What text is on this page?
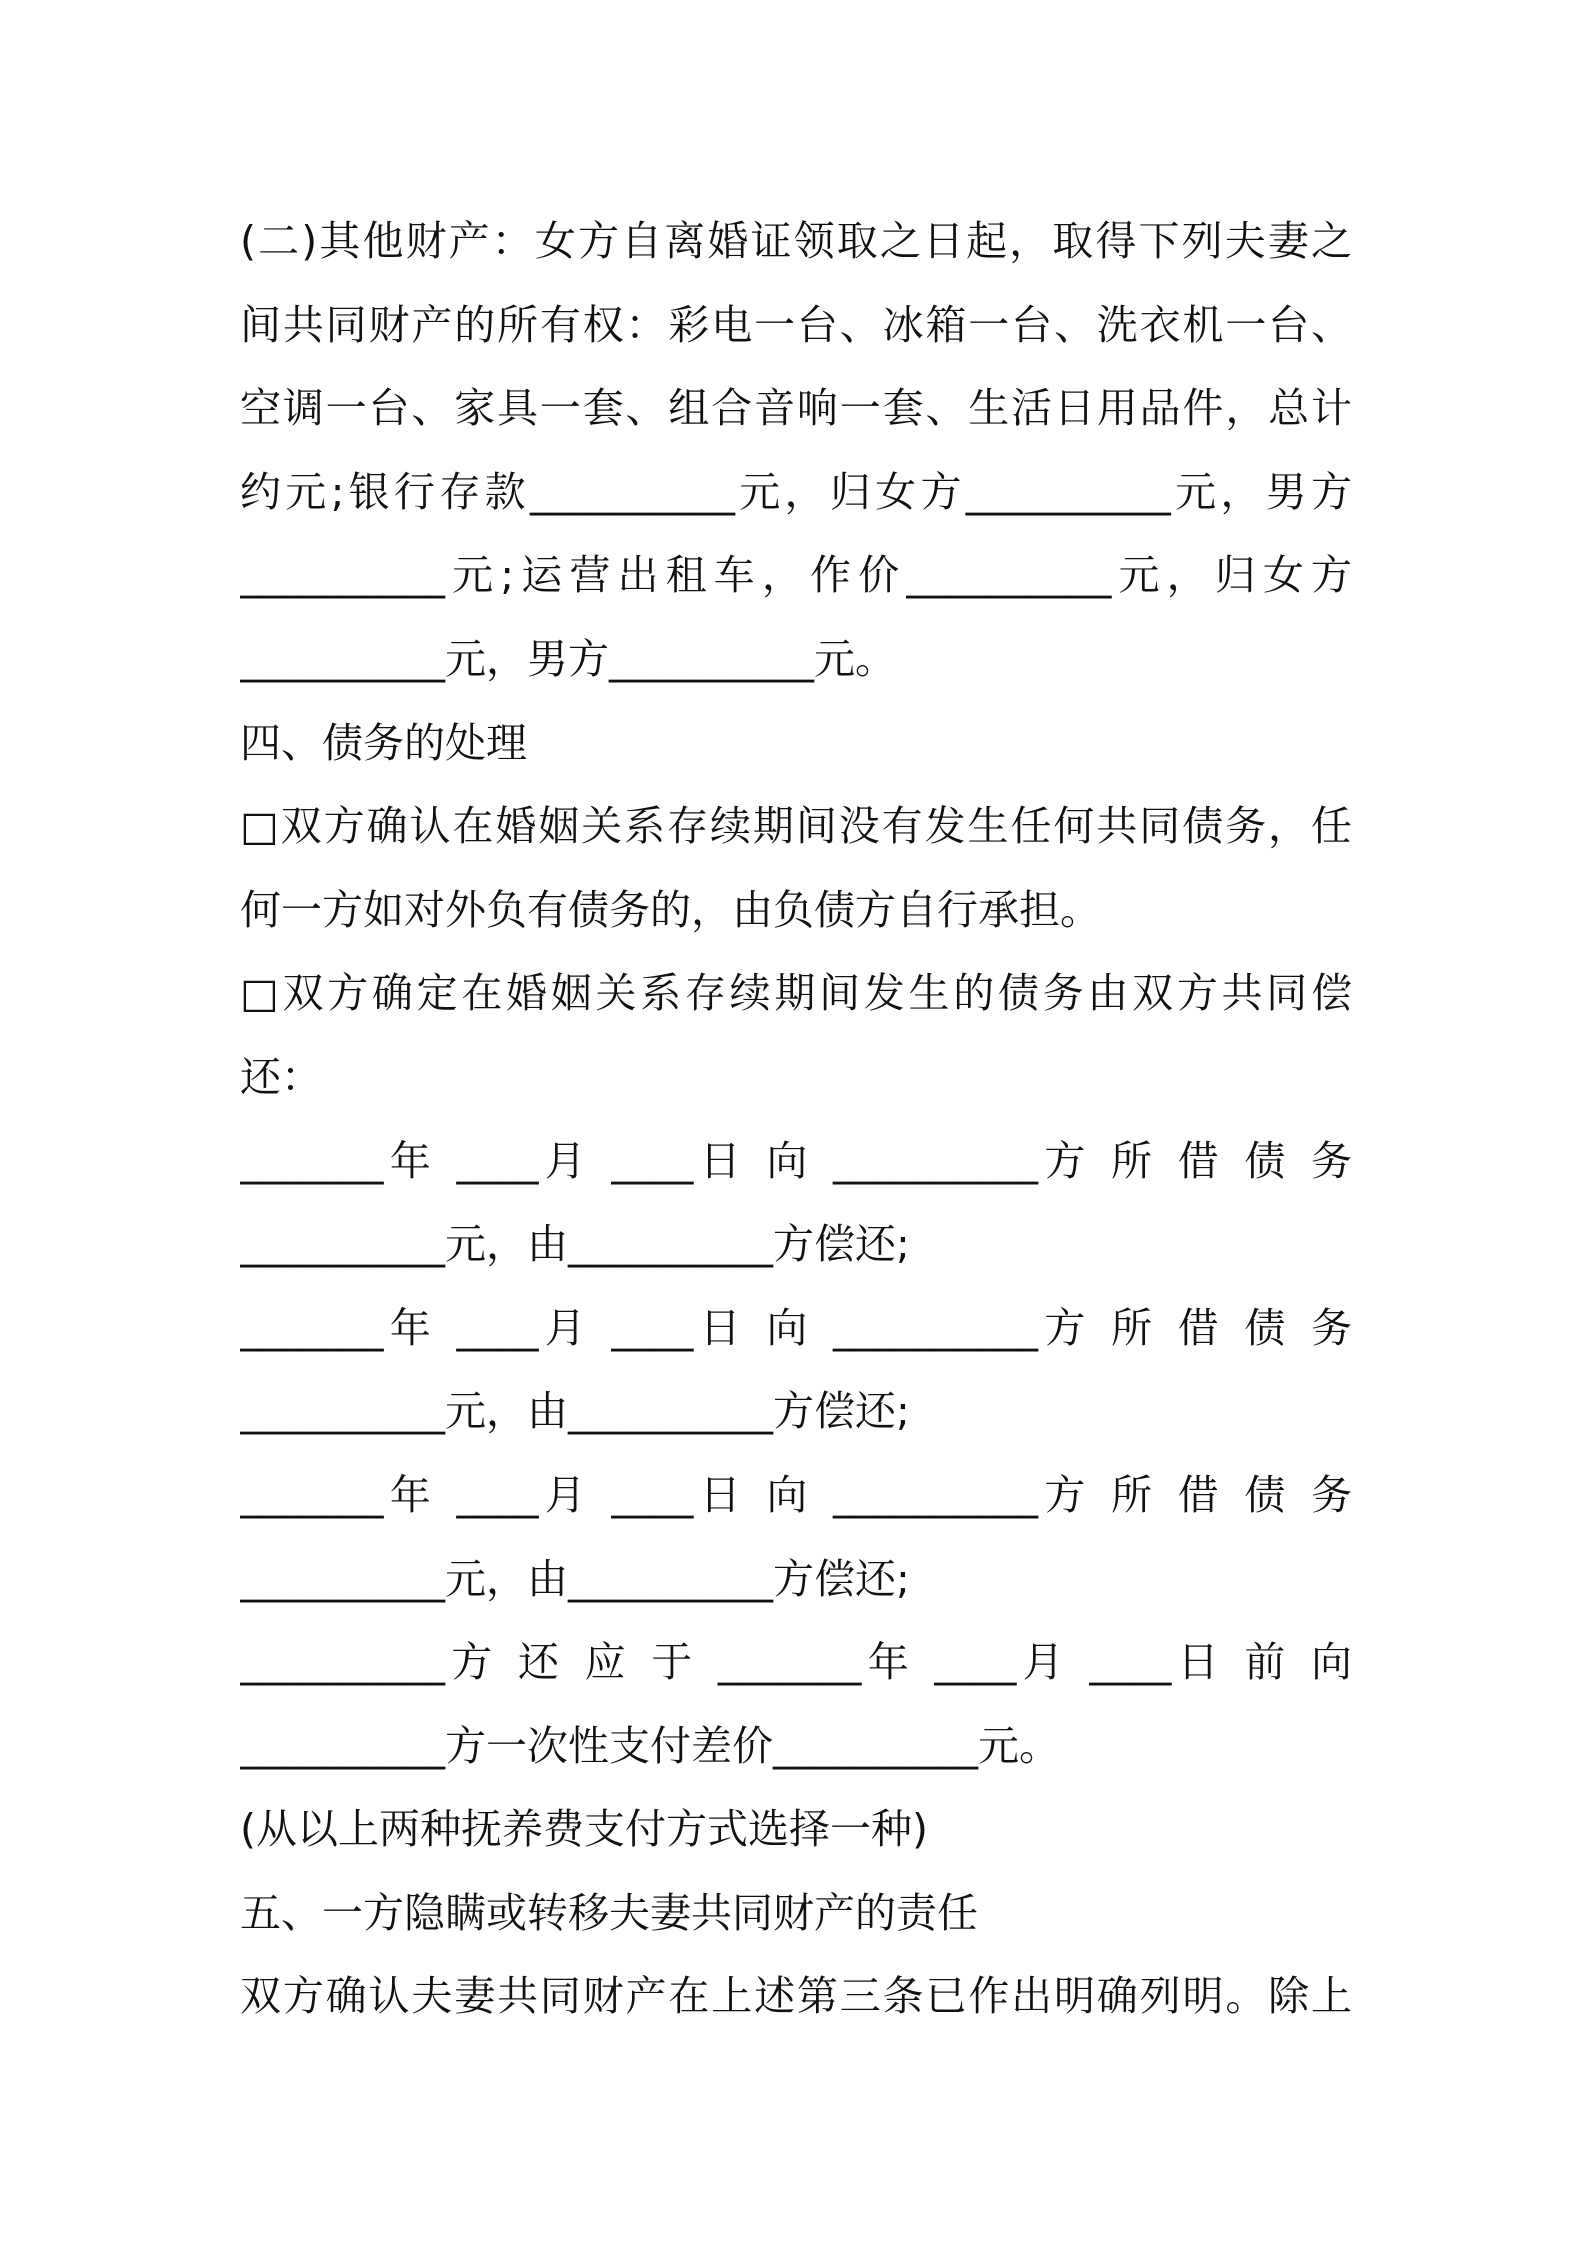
(二)其他财产：女方自离婚证领取之日起，取得下列夫妻之
间共同财产的所有权：彩电一台、冰箱一台、洗衣机一台、
空调一台、家具一套、组合音响一套、生活日用品件，总计
约元;银行存款__________元，归女方__________元，男方
__________元;运营出租车，作价__________元，归女方
__________元，男方__________元。
四、债务的处理
□双方确认在婚姻关系存续期间没有发生任何共同债务，任
何一方如对外负有债务的，由负债方自行承担。
□双方确定在婚姻关系存续期间发生的债务由双方共同偿
还：
_______年 ____月 ____日 向 __________方 所 借 债 务
__________元，由__________方偿还;
_______年 ____月 ____日 向 __________方 所 借 债 务
__________元，由__________方偿还;
_______年 ____月 ____日 向 __________方 所 借 债 务
__________元，由__________方偿还;
__________方 还 应 于 _______年 ____月 ____日 前 向
__________方一次性支付差价__________元。
(从以上两种抚养费支付方式选择一种)
五、一方隐瞒或转移夫妻共同财产的责任
双方确认夫妻共同财产在上述第三条已作出明确列明。除上
